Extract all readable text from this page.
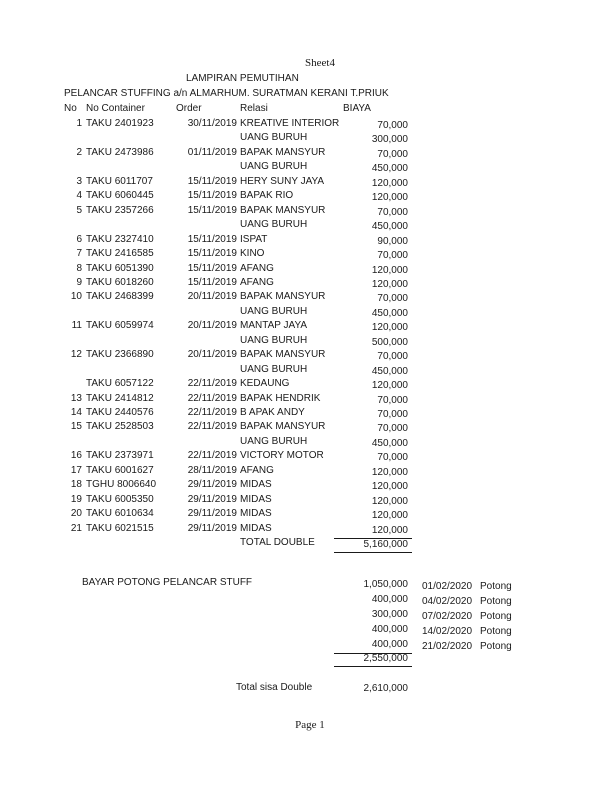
Sheet4
LAMPIRAN PEMUTIHAN
PELANCAR STUFFING a/n ALMARHUM. SURATMAN KERANI T.PRIUK
No No Container	Order	Relasi	BIAYA
1 TAKU 2401923	30/11/2019 KREATIVE INTERIOR	70,000
UANG BURUH	300,000
2 TAKU 2473986	01/11/2019 BAPAK MANSYUR	70,000
UANG BURUH	450,000
3 TAKU 6011707	15/11/2019 HERY SUNY JAYA	120,000
4 TAKU 6060445	15/11/2019 BAPAK RIO	120,000
5 TAKU 2357266	15/11/2019 BAPAK MANSYUR	70,000
UANG BURUH	450,000
6 TAKU 2327410	15/11/2019 ISPAT	90,000
7 TAKU 2416585	15/11/2019 KINO	70,000
8 TAKU 6051390	15/11/2019 AFANG	120,000
9 TAKU 6018260	15/11/2019 AFANG	120,000
10 TAKU 2468399	20/11/2019 BAPAK MANSYUR	70,000
UANG BURUH	450,000
11 TAKU 6059974	20/11/2019 MANTAP JAYA	120,000
UANG BURUH	500,000
12 TAKU 2366890	20/11/2019 BAPAK MANSYUR	70,000
UANG BURUH	450,000
TAKU 6057122	22/11/2019 KEDAUNG	120,000
13 TAKU 2414812	22/11/2019 BAPAK HENDRIK	70,000
14 TAKU 2440576	22/11/2019 B APAK ANDY	70,000
15 TAKU 2528503	22/11/2019 BAPAK MANSYUR	70,000
UANG BURUH	450,000
16 TAKU 2373971	22/11/2019 VICTORY MOTOR	70,000
17 TAKU 6001627	28/11/2019 AFANG	120,000
18 TGHU 8006640	29/11/2019 MIDAS	120,000
19 TAKU 6005350	29/11/2019 MIDAS	120,000
20 TAKU 6010634	29/11/2019 MIDAS	120,000
21 TAKU 6021515	29/11/2019 MIDAS	120,000
TOTAL DOUBLE	5,160,000
BAYAR POTONG PELANCAR STUFF	1,050,000 01/02/2020 Potong
400,000 04/02/2020 Potong
300,000 07/02/2020 Potong
400,000 14/02/2020 Potong
400,000 21/02/2020 Potong
2,550,000
Total sisa Double	2,610,000
Page 1
